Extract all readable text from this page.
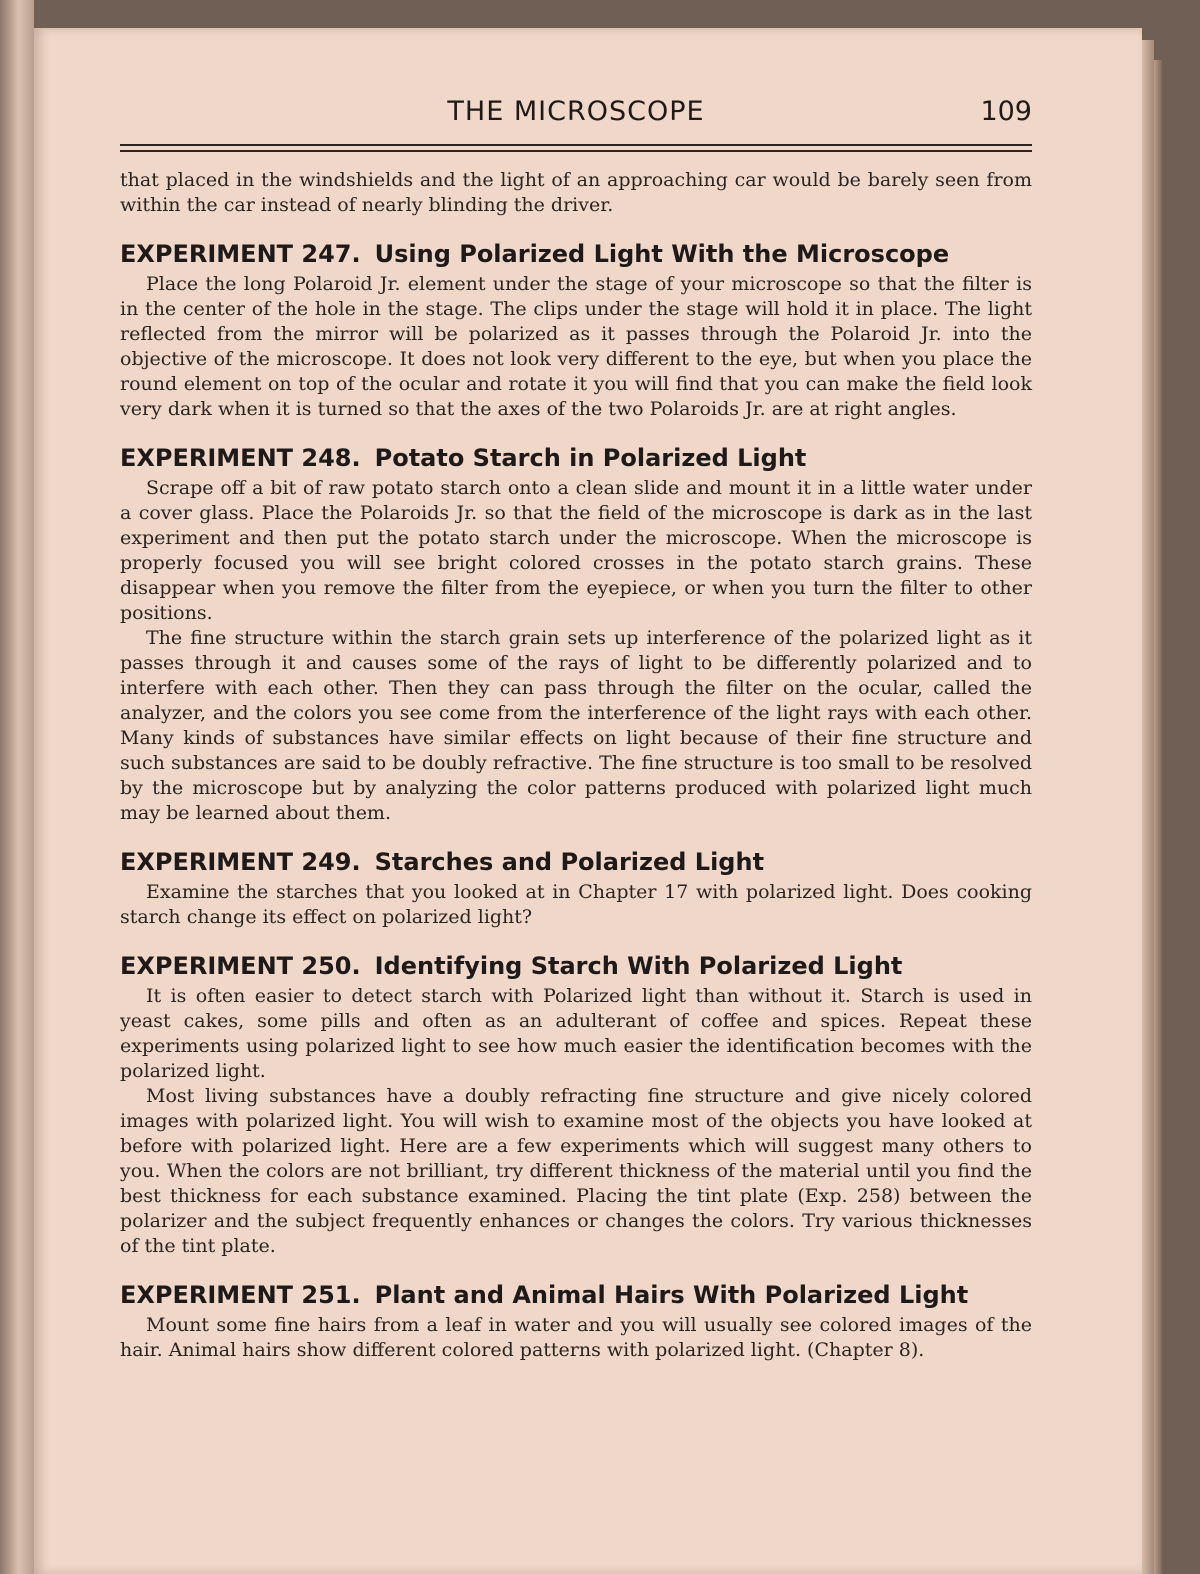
THE MICROSCOPE	109

that placed in the windshields and the light of an approaching car would be barely seen from within the car instead of nearly blinding the driver.

EXPERIMENT 247. Using Polarized Light With the Microscope

Place the long Polaroid Jr. element under the stage of your microscope so that the filter is in the center of the hole in the stage. The clips under the stage will hold it in place. The light reflected from the mirror will be polarized as it passes through the Polaroid Jr. into the objective of the microscope. It does not look very different to the eye, but when you place the round element on top of the ocular and rotate it you will find that you can make the field look very dark when it is turned so that the axes of the two Polaroids Jr. are at right angles.

EXPERIMENT 248. Potato Starch in Polarized Light

Scrape off a bit of raw potato starch onto a clean slide and mount it in a little water under a cover glass. Place the Polaroids Jr. so that the field of the microscope is dark as in the last experiment and then put the potato starch under the microscope. When the microscope is properly focused you will see bright colored crosses in the potato starch grains. These disappear when you remove the filter from the eyepiece, or when you turn the filter to other positions.

The fine structure within the starch grain sets up interference of the polarized light as it passes through it and causes some of the rays of light to be differently polarized and to interfere with each other. Then they can pass through the filter on the ocular, called the analyzer, and the colors you see come from the interference of the light rays with each other. Many kinds of substances have similar effects on light because of their fine structure and such substances are said to be doubly refractive. The fine structure is too small to be resolved by the microscope but by analyzing the color patterns produced with polarized light much may be learned about them.

EXPERIMENT 249. Starches and Polarized Light

Examine the starches that you looked at in Chapter 17 with polarized light. Does cooking starch change its effect on polarized light?

EXPERIMENT 250. Identifying Starch With Polarized Light

It is often easier to detect starch with Polarized light than without it. Starch is used in yeast cakes, some pills and often as an adulterant of coffee and spices. Repeat these experiments using polarized light to see how much easier the identification becomes with the polarized light.

Most living substances have a doubly refracting fine structure and give nicely colored images with polarized light. You will wish to examine most of the objects you have looked at before with polarized light. Here are a few experiments which will suggest many others to you. When the colors are not brilliant, try different thickness of the material until you find the best thickness for each substance examined. Placing the tint plate (Exp. 258) between the polarizer and the subject frequently enhances or changes the colors. Try various thicknesses of the tint plate.

EXPERIMENT 251. Plant and Animal Hairs With Polarized Light

Mount some fine hairs from a leaf in water and you will usually see colored images of the hair. Animal hairs show different colored patterns with polarized light. (Chapter 8).
